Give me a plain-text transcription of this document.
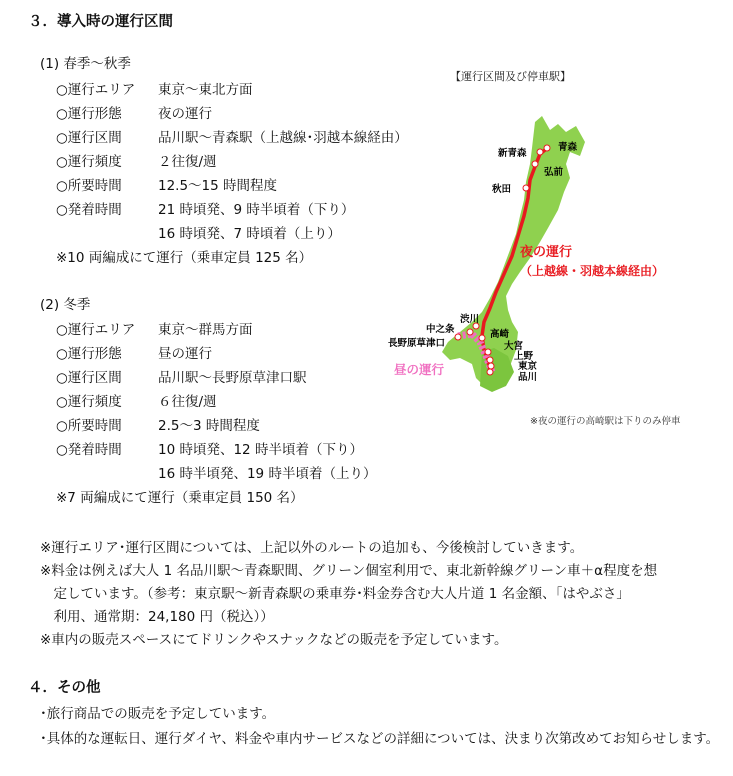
３．導入時の運行区間
(1) 春季～秋季
○運行エリア 東京～東北方面
○運行形態	夜の運行
○運行区間	品川駅～青森駅（上越線･羽越本線経由）
○運行頻度	２往復/週
○所要時間	12.5～15 時間程度
○発着時間	21 時頃発、9 時半頃着（下り）
16 時頃発、7 時頃着（上り）
※10 両編成にて運行（乗車定員 125 名）
(2) 冬季
○運行エリア 東京～群馬方面
○運行形態	昼の運行
○運行区間	品川駅～長野原草津口駅
○運行頻度	６往復/週
○所要時間	2.5～3 時間程度
○発着時間	10 時頃発、12 時半頃着（下り）
16 時半頃発、19 時半頃着（上り）
※7 両編成にて運行（乗車定員 150 名）
【運行区間及び停車駅】
新青森
青森
弘前
秋田
渋川
中之条
長野原草津口
高崎
大宮
上野
東京
品川
夜の運行
（上越線・羽越本線経由）
昼の運行
※夜の運行の高崎駅は下りのみ停車
※運行エリア･運行区間については、上記以外のルートの追加も、今後検討していきます。
※料金は例えば大人 1 名品川駅～青森駅間、グリーン個室利用で、東北新幹線グリーン車＋α程度を想
　定しています。（参考：東京駅～新青森駅の乗車券･料金券含む大人片道 1 名金額、｢はやぶさ｣
　利用、通常期：24,180 円（税込））
※車内の販売スペースにてドリンクやスナックなどの販売を予定しています。
４．その他
･旅行商品での販売を予定しています。
･具体的な運転日、運行ダイヤ、料金や車内サービスなどの詳細については、決まり次第改めてお知らせします。
